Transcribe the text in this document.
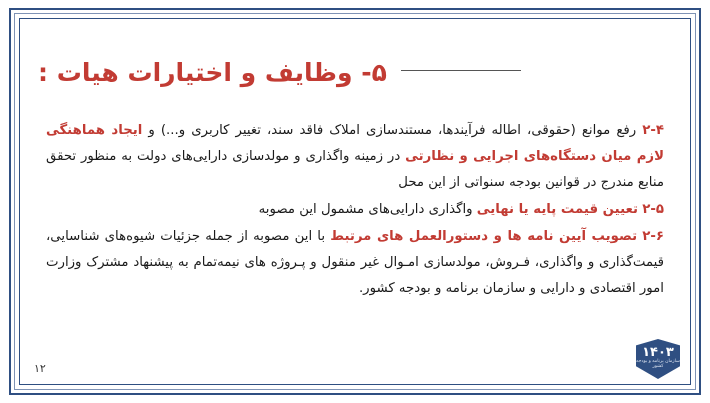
۵- وظایف و اختیارات هیات :

۲-۴ رفع موانع (حقوقی، اطاله فرآیندها، مستندسازی املاک فاقد سند، تغییر کاربری و...) و ایجاد هماهنگی لازم میان دستگاه‌های اجرایی و نظارتی در زمینه واگذاری و مولدسازی دارایی‌های دولت به منظور تحقق منابع مندرج در قوانین بودجه سنواتی از این محل

۲-۵ تعیین قیمت پایه یا نهایی واگذاری دارایی‌های مشمول این مصوبه

۲-۶ تصویب آیین نامه ها و دستورالعمل های مرتبط با این مصوبه از جمله جزئیات شیوه‌های شناسایی، قیمت‌گذاری و واگذاری، فـروش، مولدسازی امـوال غیر منقول و پـروژه های نیمه‌تمام به پیشنهاد مشترک وزارت امور اقتصادی و دارایی و سازمان برنامه و بودجه کشور.

۱۲
۱۴۰۳
سازمان برنامه و بودجه
کشور
